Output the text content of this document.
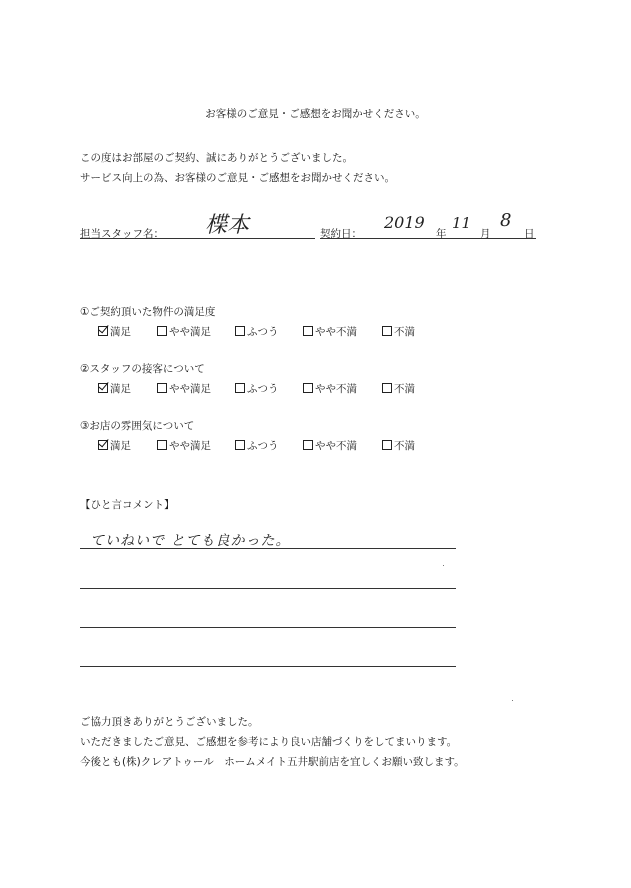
お客様のご意見・ご感想をお聞かせください。
この度はお部屋のご契約、誠にありがとうございました。
サービス向上の為、お客様のご意見・ご感想をお聞かせください。
担当スタッフ名： 楪本	契約日：
2019
年
11
月
8
日
①ご契約頂いた物件の満足度
満足	やや満足	ふつう	やや不満	不満
②スタッフの接客について
満足	やや満足	ふつう	やや不満	不満
③お店の雰囲気について
満足	やや満足	ふつう	やや不満	不満
【ひと言コメント】
ていねいで とても良かった。
ご協力頂きありがとうございました。
いただきましたご意見、ご感想を参考により良い店舗づくりをしてまいります。
今後とも(株)クレアトゥール　ホームメイト五井駅前店を宜しくお願い致します。
